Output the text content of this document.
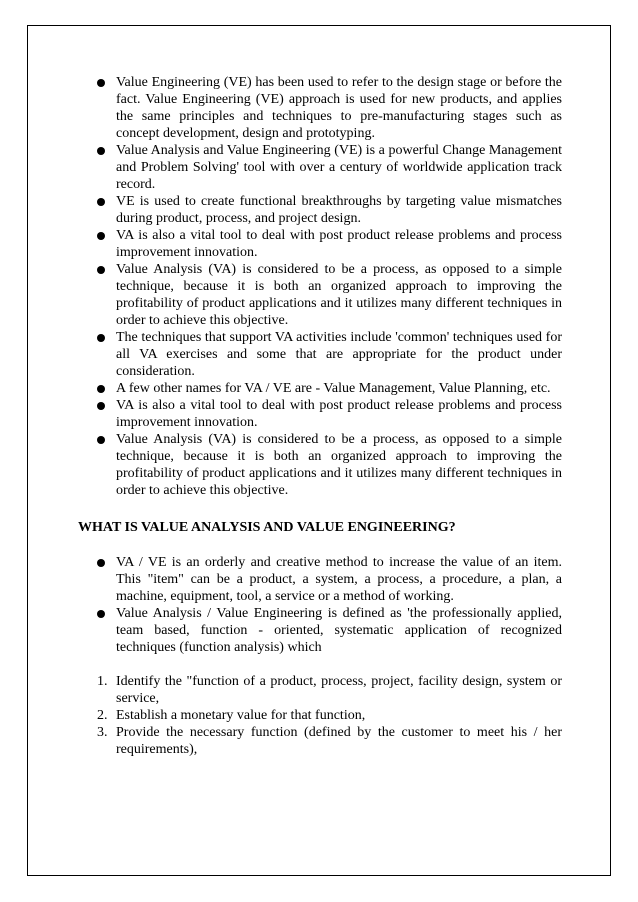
Value Engineering (VE) has been used to refer to the design stage or before the fact. Value Engineering (VE) approach is used for new products, and applies the same principles and techniques to pre-manufacturing stages such as concept development, design and prototyping.
Value Analysis and Value Engineering (VE) is a powerful Change Management and Problem Solving' tool with over a century of worldwide application track record.
VE is used to create functional breakthroughs by targeting value mismatches during product, process, and project design.
VA is also a vital tool to deal with post product release problems and process improvement innovation.
Value Analysis (VA) is considered to be a process, as opposed to a simple technique, because it is both an organized approach to improving the profitability of product applications and it utilizes many different techniques in order to achieve this objective.
The techniques that support VA activities include 'common' techniques used for all VA exercises and some that are appropriate for the product under consideration.
A few other names for VA / VE are - Value Management, Value Planning, etc.
VA is also a vital tool to deal with post product release problems and process improvement innovation.
Value Analysis (VA) is considered to be a process, as opposed to a simple technique, because it is both an organized approach to improving the profitability of product applications and it utilizes many different techniques in order to achieve this objective.
WHAT IS VALUE ANALYSIS AND VALUE ENGINEERING?
VA / VE is an orderly and creative method to increase the value of an item. This "item" can be a product, a system, a process, a procedure, a plan, a machine, equipment, tool, a service or a method of working.
Value Analysis / Value Engineering is defined as 'the professionally applied, team based, function - oriented, systematic application of recognized techniques (function analysis) which
1. Identify the "function of a product, process, project, facility design, system or service,
2. Establish a monetary value for that function,
3. Provide the necessary function (defined by the customer to meet his / her requirements),
